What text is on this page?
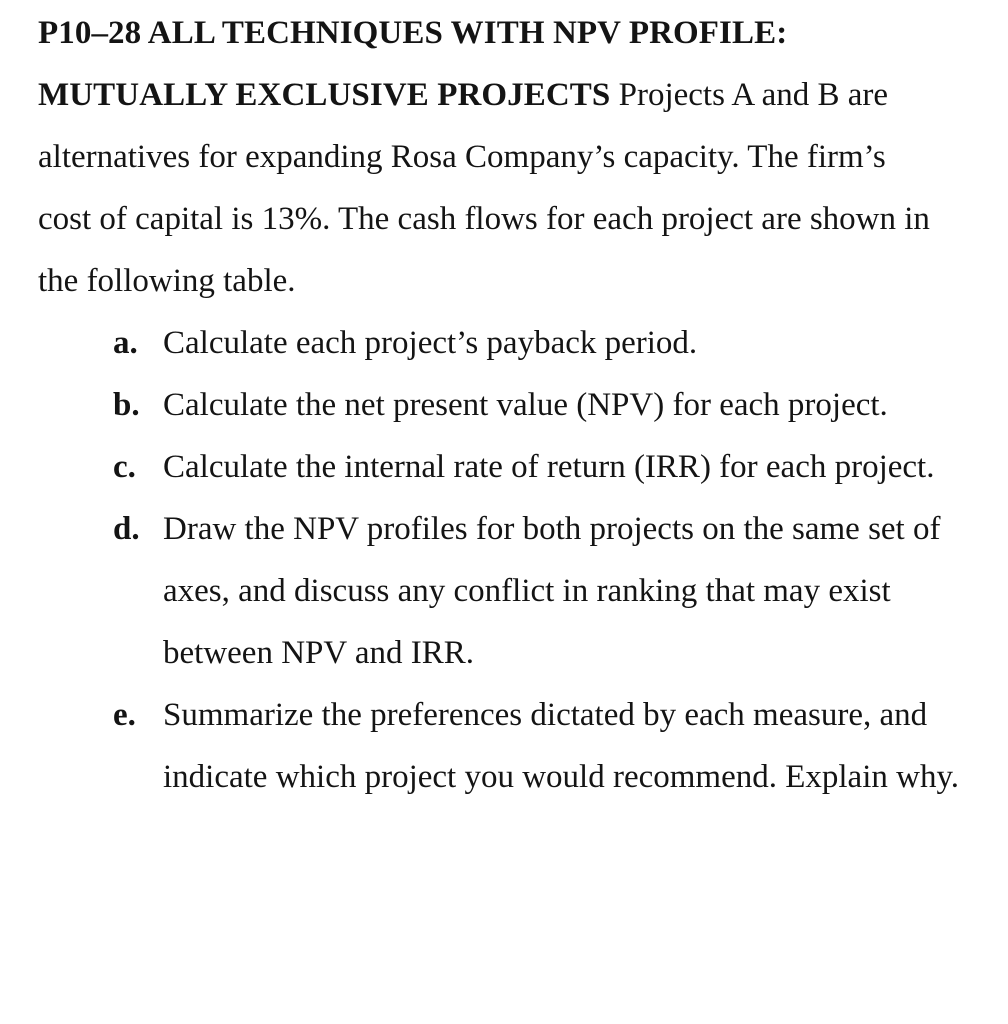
P10–28 ALL TECHNIQUES WITH NPV PROFILE: MUTUALLY EXCLUSIVE PROJECTS Projects A and B are alternatives for expanding Rosa Company’s capacity. The firm’s cost of capital is 13%. The cash flows for each project are shown in the following table.

a. Calculate each project’s payback period.
b. Calculate the net present value (NPV) for each project.
c. Calculate the internal rate of return (IRR) for each project.
d. Draw the NPV profiles for both projects on the same set of axes, and discuss any conflict in ranking that may exist between NPV and IRR.
e. Summarize the preferences dictated by each measure, and indicate which project you would recommend. Explain why.
